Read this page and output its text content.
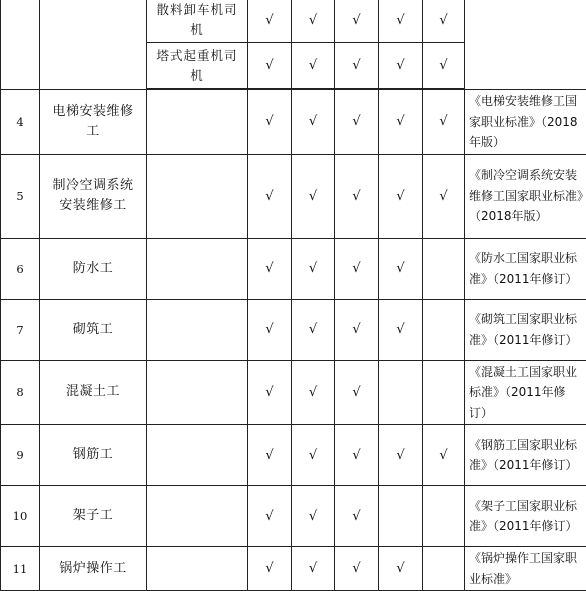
		散料卸车机司机	√	√	√	√	√	
		塔式起重机司机	√	√	√	√	√	

4	电梯安装维修工		√	√	√	√	√	《电梯安装维修工国家职业标准》（2018年版）
5	制冷空调系统安装维修工		√	√	√	√	√	《制冷空调系统安装维修工国家职业标准》（2018年版）
6	防水工		√	√	√	√		《防水工国家职业标准》（2011年修订）
7	砌筑工		√	√	√	√		《砌筑工国家职业标准》（2011年修订）
8	混凝土工		√	√	√			《混凝土工国家职业标准》（2011年修订）
9	钢筋工		√	√	√	√	√	《钢筋工国家职业标准》（2011年修订）
10	架子工		√	√	√			《架子工国家职业标准》（2011年修订）
11	锅炉操作工		√	√	√	√		《锅炉操作工国家职业标准》
